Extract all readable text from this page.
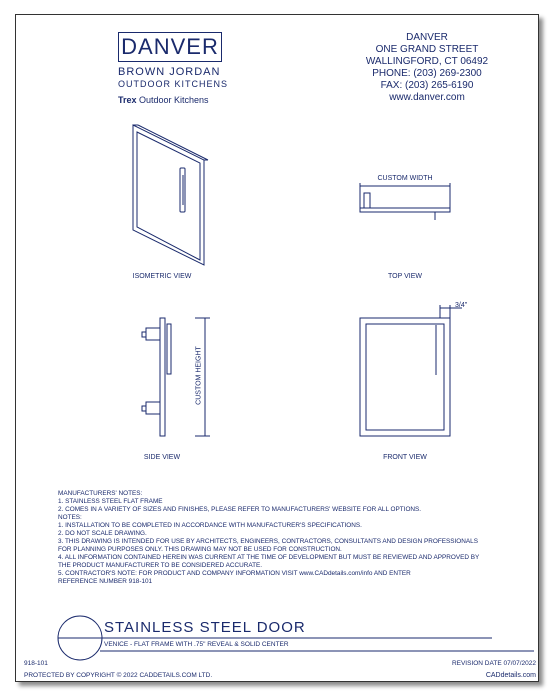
DANVER
BROWN JORDAN
OUTDOOR KITCHENS
Trex Outdoor Kitchens
DANVER
ONE GRAND STREET
WALLINGFORD, CT 06492
PHONE: (203) 269-2300
FAX: (203) 265-6190
www.danver.com
CUSTOM WIDTH
ISOMETRIC VIEW	TOP VIEW
3/4"
CUSTOM HEIGHT
SIDE VIEW	FRONT VIEW
MANUFACTURERS' NOTES:
1. STAINLESS STEEL FLAT FRAME
2. COMES IN A VARIETY OF SIZES AND FINISHES, PLEASE REFER TO MANUFACTURERS' WEBSITE FOR ALL OPTIONS.
NOTES:
1. INSTALLATION TO BE COMPLETED IN ACCORDANCE WITH MANUFACTURER'S SPECIFICATIONS.
2. DO NOT SCALE DRAWING.
3. THIS DRAWING IS INTENDED FOR USE BY ARCHITECTS, ENGINEERS, CONTRACTORS, CONSULTANTS AND DESIGN PROFESSIONALS
FOR PLANNING PURPOSES ONLY. THIS DRAWING MAY NOT BE USED FOR CONSTRUCTION.
4. ALL INFORMATION CONTAINED HEREIN WAS CURRENT AT THE TIME OF DEVELOPMENT BUT MUST BE REVIEWED AND APPROVED BY
THE PRODUCT MANUFACTURER TO BE CONSIDERED ACCURATE.
5. CONTRACTOR'S NOTE: FOR PRODUCT AND COMPANY INFORMATION VISIT www.CADdetails.com/info AND ENTER
REFERENCE NUMBER 918-101
STAINLESS STEEL DOOR
VENICE - FLAT FRAME WITH .75" REVEAL & SOLID CENTER
918-101	REVISION DATE 07/07/2022
PROTECTED BY COPYRIGHT © 2022 CADDETAILS.COM LTD.	CADdetails.com
